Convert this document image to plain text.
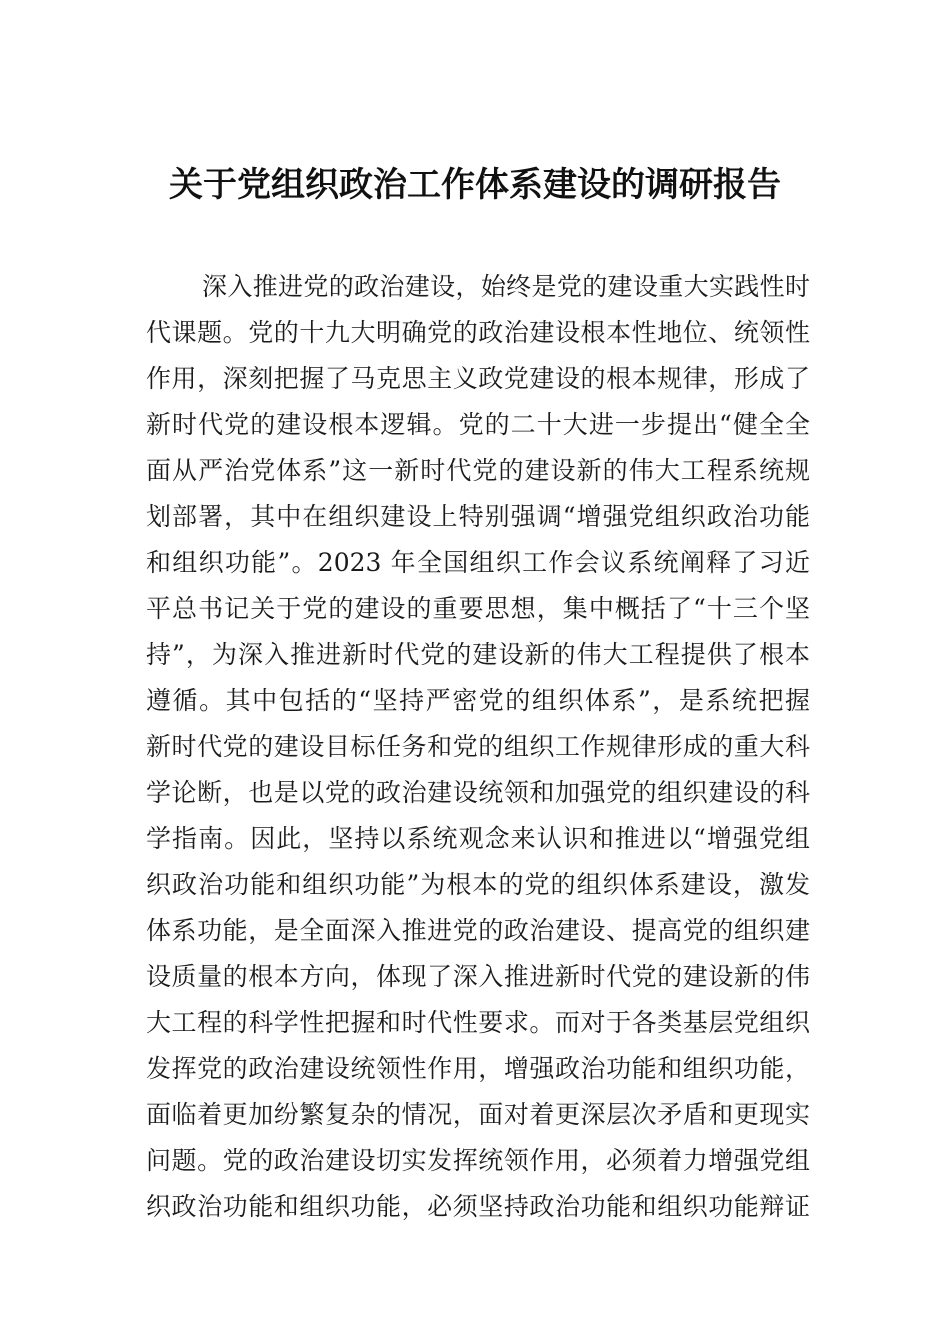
关于党组织政治工作体系建设的调研报告
深入推进党的政治建设，始终是党的建设重大实践性时
代课题。党的十九大明确党的政治建设根本性地位、统领性
作用，深刻把握了马克思主义政党建设的根本规律，形成了
新时代党的建设根本逻辑。党的二十大进一步提出“健全全
面从严治党体系”这一新时代党的建设新的伟大工程系统规
划部署，其中在组织建设上特别强调“增强党组织政治功能
和组织功能”。2023 年全国组织工作会议系统阐释了习近
平总书记关于党的建设的重要思想，集中概括了“十三个坚
持”，为深入推进新时代党的建设新的伟大工程提供了根本
遵循。其中包括的“坚持严密党的组织体系”，是系统把握
新时代党的建设目标任务和党的组织工作规律形成的重大科
学论断，也是以党的政治建设统领和加强党的组织建设的科
学指南。因此，坚持以系统观念来认识和推进以“增强党组
织政治功能和组织功能”为根本的党的组织体系建设，激发
体系功能，是全面深入推进党的政治建设、提高党的组织建
设质量的根本方向，体现了深入推进新时代党的建设新的伟
大工程的科学性把握和时代性要求。而对于各类基层党组织
发挥党的政治建设统领性作用，增强政治功能和组织功能，
面临着更加纷繁复杂的情况，面对着更深层次矛盾和更现实
问题。党的政治建设切实发挥统领作用，必须着力增强党组
织政治功能和组织功能，必须坚持政治功能和组织功能辩证
